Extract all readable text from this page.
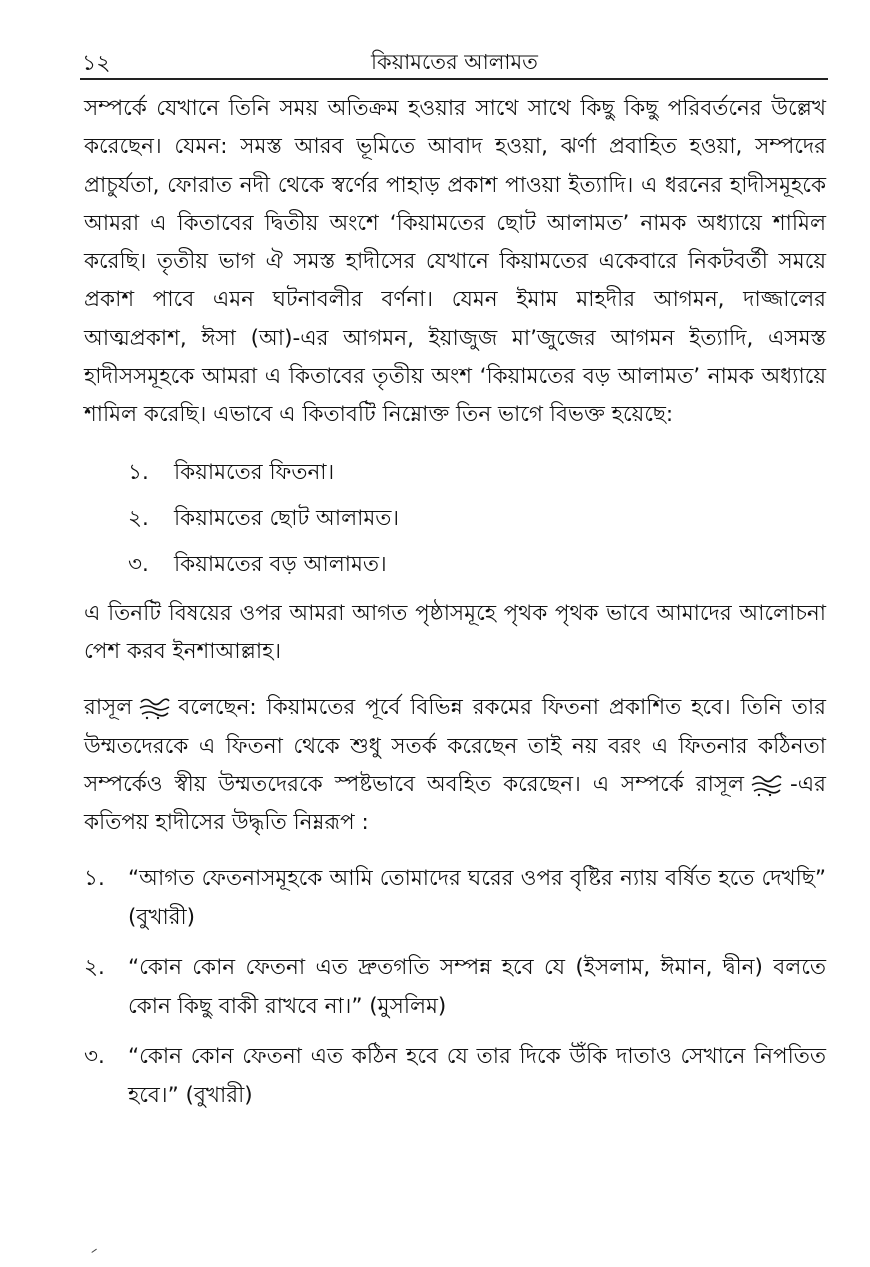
১২	কিয়ামতের আলামত

সম্পর্কে যেখানে তিনি সময় অতিক্রম হওয়ার সাথে সাথে কিছু কিছু পরিবর্তনের উল্লেখ করেছেন। যেমন: সমস্ত আরব ভূমিতে আবাদ হওয়া, ঝর্ণা প্রবাহিত হওয়া, সম্পদের প্রাচুর্যতা, ফোরাত নদী থেকে স্বর্ণের পাহাড় প্রকাশ পাওয়া ইত্যাদি। এ ধরনের হাদীসমূহকে আমরা এ কিতাবের দ্বিতীয় অংশে ‘কিয়ামতের ছোট আলামত’ নামক অধ্যায়ে শামিল করেছি। তৃতীয় ভাগ ঐ সমস্ত হাদীসের যেখানে কিয়ামতের একেবারে নিকটবর্তী সময়ে প্রকাশ পাবে এমন ঘটনাবলীর বর্ণনা। যেমন ইমাম মাহদীর আগমন, দাজ্জালের আত্মপ্রকাশ, ঈসা (আ)-এর আগমন, ইয়াজুজ মা’জুজের আগমন ইত্যাদি, এসমস্ত হাদীসসমূহকে আমরা এ কিতাবের তৃতীয় অংশ ‘কিয়ামতের বড় আলামত’ নামক অধ্যায়ে শামিল করেছি। এভাবে এ কিতাবটি নিম্নোক্ত তিন ভাগে বিভক্ত হয়েছে:

১.	কিয়ামতের ফিতনা।
২.	কিয়ামতের ছোট আলামত।
৩.	কিয়ামতের বড় আলামত।

এ তিনটি বিষয়ের ওপর আমরা আগত পৃষ্ঠাসমূহে পৃথক পৃথক ভাবে আমাদের আলোচনা পেশ করব ইনশাআল্লাহ।

রাসূল বলেছেন: কিয়ামতের পূর্বে বিভিন্ন রকমের ফিতনা প্রকাশিত হবে। তিনি তার উম্মতদেরকে এ ফিতনা থেকে শুধু সতর্ক করেছেন তাই নয় বরং এ ফিতনার কঠিনতা সম্পর্কেও স্বীয় উম্মতদেরকে স্পষ্টভাবে অবহিত করেছেন। এ সম্পর্কে রাসূল -এর কতিপয় হাদীসের উদ্ধৃতি নিম্নরূপ :

১.	“আগত ফেতনাসমূহকে আমি তোমাদের ঘরের ওপর বৃষ্টির ন্যায় বর্ষিত হতে দেখছি” (বুখারী)
২.	“কোন কোন ফেতনা এত দ্রুতগতি সম্পন্ন হবে যে (ইসলাম, ঈমান, দ্বীন) বলতে কোন কিছু বাকী রাখবে না।” (মুসলিম)
৩.	“কোন কোন ফেতনা এত কঠিন হবে যে তার দিকে উঁকি দাতাও সেখানে নিপতিত হবে।” (বুখারী)
